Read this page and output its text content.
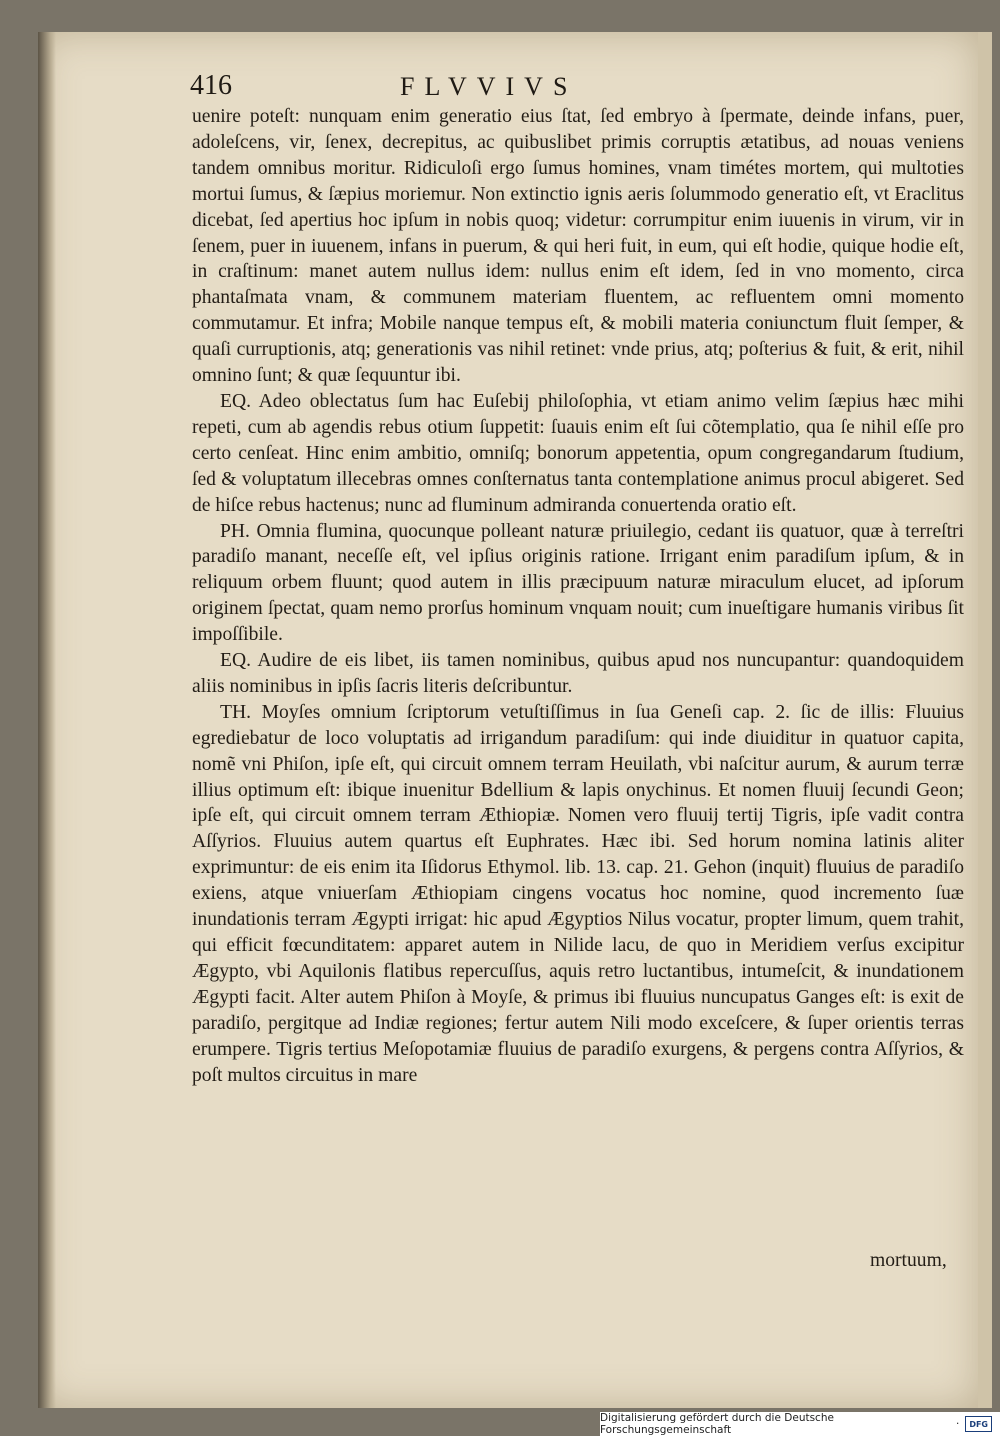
416	FLVVIVS

uenire poteſt: nunquam enim generatio eius ſtat, ſed embryo à ſpermate, deinde infans, puer, adoleſcens, vir, ſenex, decrepitus, ac quibuslibet primis corruptis ætatibus, ad nouas veniens tandem omnibus moritur. Ridiculoſi ergo ſumus homines, vnam timétes mortem, qui multoties mortui ſumus, & ſæpius moriemur. Non extinctio ignis aeris ſolummodo generatio eſt, vt Eraclitus dicebat, ſed apertius hoc ipſum in nobis quoq; videtur: corrumpitur enim iuuenis in virum, vir in ſenem, puer in iuuenem, infans in puerum, & qui heri fuit, in eum, qui eſt hodie, quique hodie eſt, in craſtinum: manet autem nullus idem: nullus enim eſt idem, ſed in vno momento, circa phantaſmata vnam, & communem materiam fluentem, ac refluentem omni momento commutamur. Et infra; Mobile nanque tempus eſt, & mobili materia coniunctum fluit ſemper, & quaſi curruptionis, atq; generationis vas nihil retinet: vnde prius, atq; poſterius & fuit, & erit, nihil omnino ſunt; & quæ ſequuntur ibi.

EQ. Adeo oblectatus ſum hac Euſebij philoſophia, vt etiam animo velim ſæpius hæc mihi repeti, cum ab agendis rebus otium ſuppetit: ſuauis enim eſt ſui cõtemplatio, qua ſe nihil eſſe pro certo cenſeat. Hinc enim ambitio, omniſq; bonorum appetentia, opum congregandarum ſtudium, ſed & voluptatum illecebras omnes conſternatus tanta contemplatione animus procul abigeret. Sed de hiſce rebus hactenus; nunc ad fluminum admiranda conuertenda oratio eſt.

PH. Omnia flumina, quocunque polleant naturæ priuilegio, cedant iis quatuor, quæ à terreſtri paradiſo manant, neceſſe eſt, vel ipſius originis ratione. Irrigant enim paradiſum ipſum, & in reliquum orbem fluunt; quod autem in illis præcipuum naturæ miraculum elucet, ad ipſorum originem ſpectat, quam nemo prorſus hominum vnquam nouit; cum inueſtigare humanis viribus ſit impoſſibile.

EQ. Audire de eis libet, iis tamen nominibus, quibus apud nos nuncupantur: quandoquidem aliis nominibus in ipſis ſacris literis deſcribuntur.

TH. Moyſes omnium ſcriptorum vetuſtiſſimus in ſua Geneſi cap. 2. ſic de illis: Fluuius egrediebatur de loco voluptatis ad irrigandum paradiſum: qui inde diuiditur in quatuor capita, nomẽ vni Phiſon, ipſe eſt, qui circuit omnem terram Heuilath, vbi naſcitur aurum, & aurum terræ illius optimum eſt: ibique inuenitur Bdellium & lapis onychinus. Et nomen fluuij ſecundi Geon; ipſe eſt, qui circuit omnem terram Æthiopiæ. Nomen vero fluuij tertij Tigris, ipſe vadit contra Aſſyrios. Fluuius autem quartus eſt Euphrates. Hæc ibi. Sed horum nomina latinis aliter exprimuntur: de eis enim ita Iſidorus Ethymol. lib. 13. cap. 21. Gehon (inquit) fluuius de paradiſo exiens, atque vniuerſam Æthiopiam cingens vocatus hoc nomine, quod incremento ſuæ inundationis terram Ægypti irrigat: hic apud Ægyptios Nilus vocatur, propter limum, quem trahit, qui efficit fœcunditatem: apparet autem in Nilide lacu, de quo in Meridiem verſus excipitur Ægypto, vbi Aquilonis flatibus repercuſſus, aquis retro luctantibus, intumeſcit, & inundationem Ægypti facit. Alter autem Phiſon à Moyſe, & primus ibi fluuius nuncupatus Ganges eſt: is exit de paradiſo, pergitque ad Indiæ regiones; fertur autem Nili modo exceſcere, & ſuper orientis terras erumpere. Tigris tertius Meſopotamiæ fluuius de paradiſo exurgens, & pergens contra Aſſyrios, & poſt multos circuitus in mare

mortuum,
Digitalisierung gefördert durch die Deutsche Forschungsgemeinschaft	·	DFG
